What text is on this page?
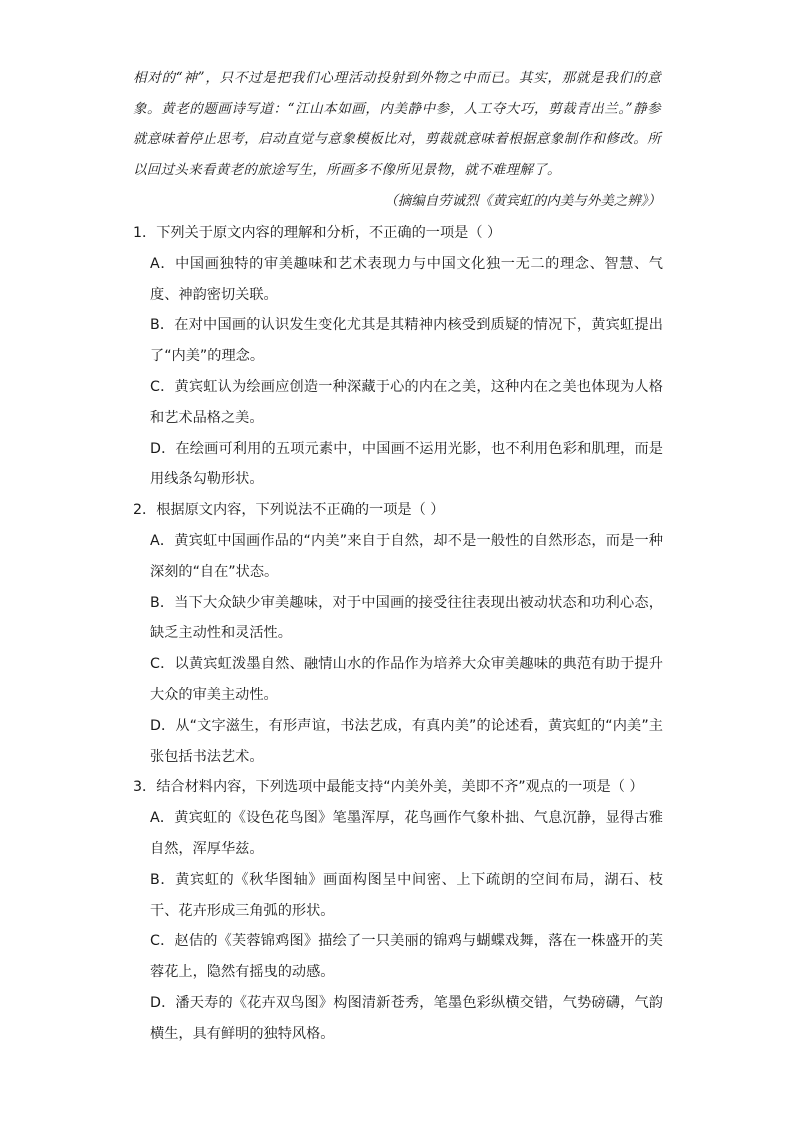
相对的“神”，只不过是把我们心理活动投射到外物之中而已。其实，那就是我们的意象。黄老的题画诗写道：“江山本如画，内美静中参，人工夺大巧，剪裁青出兰。”静参就意味着停止思考，启动直觉与意象模板比对，剪裁就意味着根据意象制作和修改。所以回过头来看黄老的旅途写生，所画多不像所见景物，就不难理解了。

（摘编自劳诚烈《黄宾虹的内美与外美之辨》）

1．下列关于原文内容的理解和分析，不正确的一项是（ ）

A．中国画独特的审美趣味和艺术表现力与中国文化独一无二的理念、智慧、气度、神韵密切关联。

B．在对中国画的认识发生变化尤其是其精神内核受到质疑的情况下，黄宾虹提出了“内美”的理念。

C．黄宾虹认为绘画应创造一种深藏于心的内在之美，这种内在之美也体现为人格和艺术品格之美。

D．在绘画可利用的五项元素中，中国画不运用光影，也不利用色彩和肌理，而是用线条勾勒形状。

2．根据原文内容，下列说法不正确的一项是（ ）

A．黄宾虹中国画作品的“内美”来自于自然，却不是一般性的自然形态，而是一种深刻的“自在”状态。

B．当下大众缺少审美趣味，对于中国画的接受往往表现出被动状态和功利心态，缺乏主动性和灵活性。

C．以黄宾虹泼墨自然、融情山水的作品作为培养大众审美趣味的典范有助于提升大众的审美主动性。

D．从“文字滋生，有形声谊，书法艺成，有真内美”的论述看，黄宾虹的“内美”主张包括书法艺术。

3．结合材料内容，下列选项中最能支持“内美外美，美即不齐”观点的一项是（ ）

A．黄宾虹的《设色花鸟图》笔墨浑厚，花鸟画作气象朴拙、气息沉静，显得古雅自然，浑厚华兹。

B．黄宾虹的《秋华图轴》画面构图呈中间密、上下疏朗的空间布局，湖石、枝干、花卉形成三角弧的形状。

C．赵佶的《芙蓉锦鸡图》描绘了一只美丽的锦鸡与蝴蝶戏舞，落在一株盛开的芙蓉花上，隐然有摇曳的动感。

D．潘天寿的《花卉双鸟图》构图清新苍秀，笔墨色彩纵横交错，气势磅礴，气韵横生，具有鲜明的独特风格。
